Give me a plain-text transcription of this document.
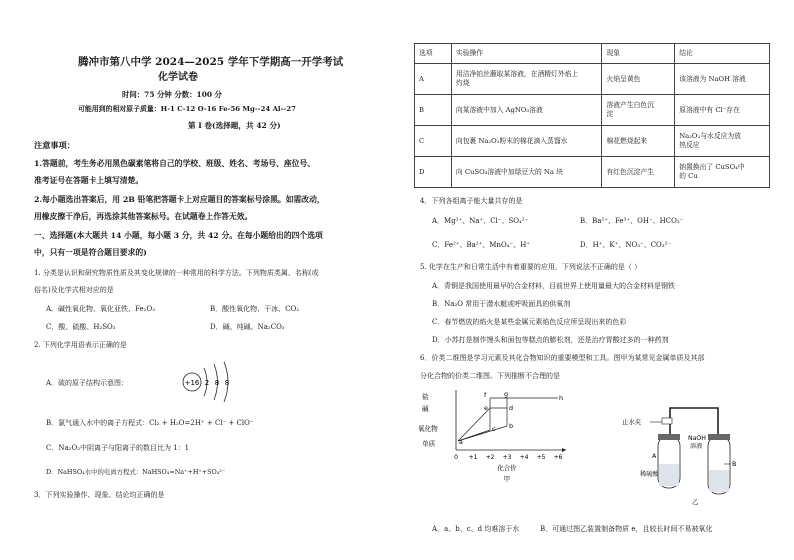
腾冲市第八中学 2024—2025 学年下学期高一开学考试
化学试卷
时间：75 分钟 分数：100 分
可能用到的相对原子质量：H-1 C-12 O-16 Fe-56 Mg--24 Al--27
第 I 卷(选择题，共 42 分)
注意事项：
1.答题前，考生务必用黑色碳素笔将自己的学校、班级、姓名、考场号、座位号、
准考证号在答题卡上填写清楚。
2.每小题选出答案后，用 2B 铅笔把答题卡上对应题目的答案标号涂黑。如需改动，
用橡皮擦干净后，再选涂其他答案标号。在试题卷上作答无效。
一、选择题(本大题共 14 小题，每小题 3 分，共 42 分。在每小题给出的四个选项
中，只有一项是符合题目要求的)
1. 分类是认识和研究物质性质及其变化规律的一种常用的科学方法。下列物质类属、名称(或
俗名)及化学式相对应的是
A．碱性氧化物、氧化亚铁、Fe₂O₃	B．酸性氧化物、干冰、CO₂
C．酸、硫酸、H₂SO₃	D．碱、纯碱、Na₂CO₃
2. 下列化学用语表示正确的是
A．硫的原子结构示意图：	+16 2 8 8
B．氯气通入水中的离子方程式：Cl₂ + H₂O=2H⁺ + Cl⁻ + ClO⁻
C．Na₂O₂中阴离子与阳离子的数目比为 1：1
D．NaHSO₄水中的电离方程式：NaHSO₄=Na⁺+H⁺+SO₄²⁻
3．下列实验操作、现象、结论均正确的是
选项	实验操作	现象	结论
A	用洁净铂丝蘸取某溶液，在酒精灯外焰上
灼烧	火焰呈黄色	该溶液为 NaOH 溶液
B	向某溶液中加入 AgNO₃溶液	溶液产生白色沉
淀	原溶液中有 Cl⁻存在
C	向包裹 Na₂O₂粉末的棉花滴入蒸馏水	棉花燃烧起来	Na₂O₂与水反应为放
热反应
D	向 CuSO₄溶液中加绿豆大的 Na 块	有红色沉淀产生	钠置换出了 CuSO₄中
的 Cu
4．下列各组离子能大量共存的是
A．Mg²⁺、Na⁺、Cl⁻、SO₄²⁻	B．Ba²⁺、Fe³⁺、OH⁻、HCO₃⁻
C．Fe²⁺、Ba²⁺、MnO₄⁻、H⁺	D．H⁺、K⁺、NO₃⁻、CO₃²⁻
5. 化学在生产和日常生活中有着重要的应用，下列说法不正确的是（ ）
A．青铜是我国使用最早的合金材料，目前世界上使用量最大的合金材料是钢铁
B．Na₂O 常用于潜水艇或呼吸面具的供氧剂
C．春节燃放的焰火是某些金属元素焰色反应所呈现出来的色彩
D．小苏打是制作馒头和面包等糕点的膨松剂，还是治疗胃酸过多的一种药剂
6．价类二维图是学习元素及其化合物知识的重要模型和工具。图甲为某常见金属单质及其部
分化合物的价类二维图。下列推断不合理的是
盐
碱
氧化物
单质
0 +1 +2 +3 +4 +5 +6
化合价
甲
f	g	h
e	d
c b
a
止水夹
A
稀硫酸
NaOH
溶液
B
乙
A．a、b、c、d 均难溶于水	B．可通过图乙装置制备物质 e，且较长时间不易被氧化
